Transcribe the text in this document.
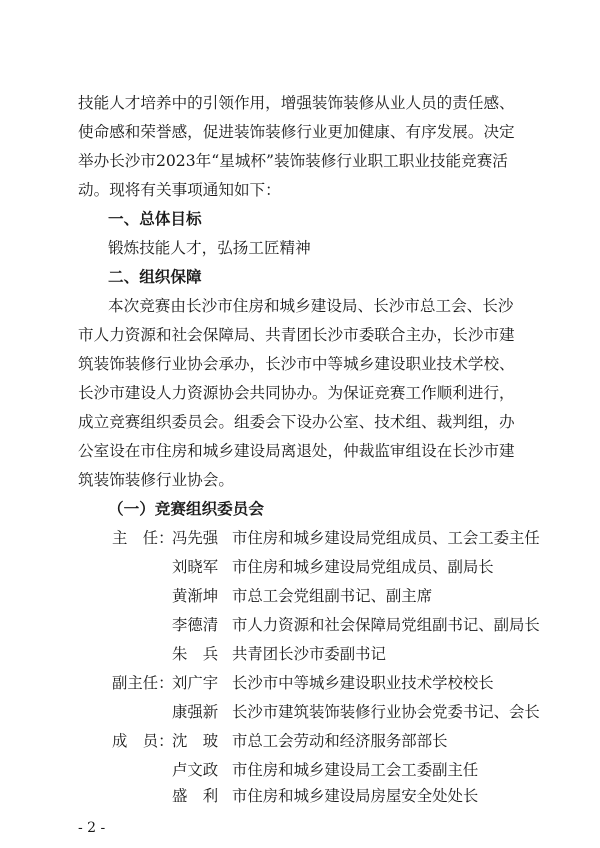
技能人才培养中的引领作用，增强装饰装修从业人员的责任感、
使命感和荣誉感，促进装饰装修行业更加健康、有序发展。决定
举办长沙市2023年“星城杯”装饰装修行业职工职业技能竞赛活
动。现将有关事项通知如下：
一、总体目标
锻炼技能人才，弘扬工匠精神
二、组织保障
本次竞赛由长沙市住房和城乡建设局、长沙市总工会、长沙
市人力资源和社会保障局、共青团长沙市委联合主办，长沙市建
筑装饰装修行业协会承办，长沙市中等城乡建设职业技术学校、
长沙市建设人力资源协会共同协办。为保证竞赛工作顺利进行，
成立竞赛组织委员会。组委会下设办公室、技术组、裁判组，办
公室设在市住房和城乡建设局离退处，仲裁监审组设在长沙市建
筑装饰装修行业协会。
（一）竞赛组织委员会
主　任：
冯先强 市住房和城乡建设局党组成员、工会工委主任
刘晓军 市住房和城乡建设局党组成员、副局长
黄渐坤 市总工会党组副书记、副主席
李德清 市人力资源和社会保障局党组副书记、副局长
朱　兵 共青团长沙市委副书记
副主任：
刘广宇 长沙市中等城乡建设职业技术学校校长
康强新 长沙市建筑装饰装修行业协会党委书记、会长
成　员：
沈　玻 市总工会劳动和经济服务部部长
卢文政 市住房和城乡建设局工会工委副主任
盛　利 市住房和城乡建设局房屋安全处处长
- 2 -
